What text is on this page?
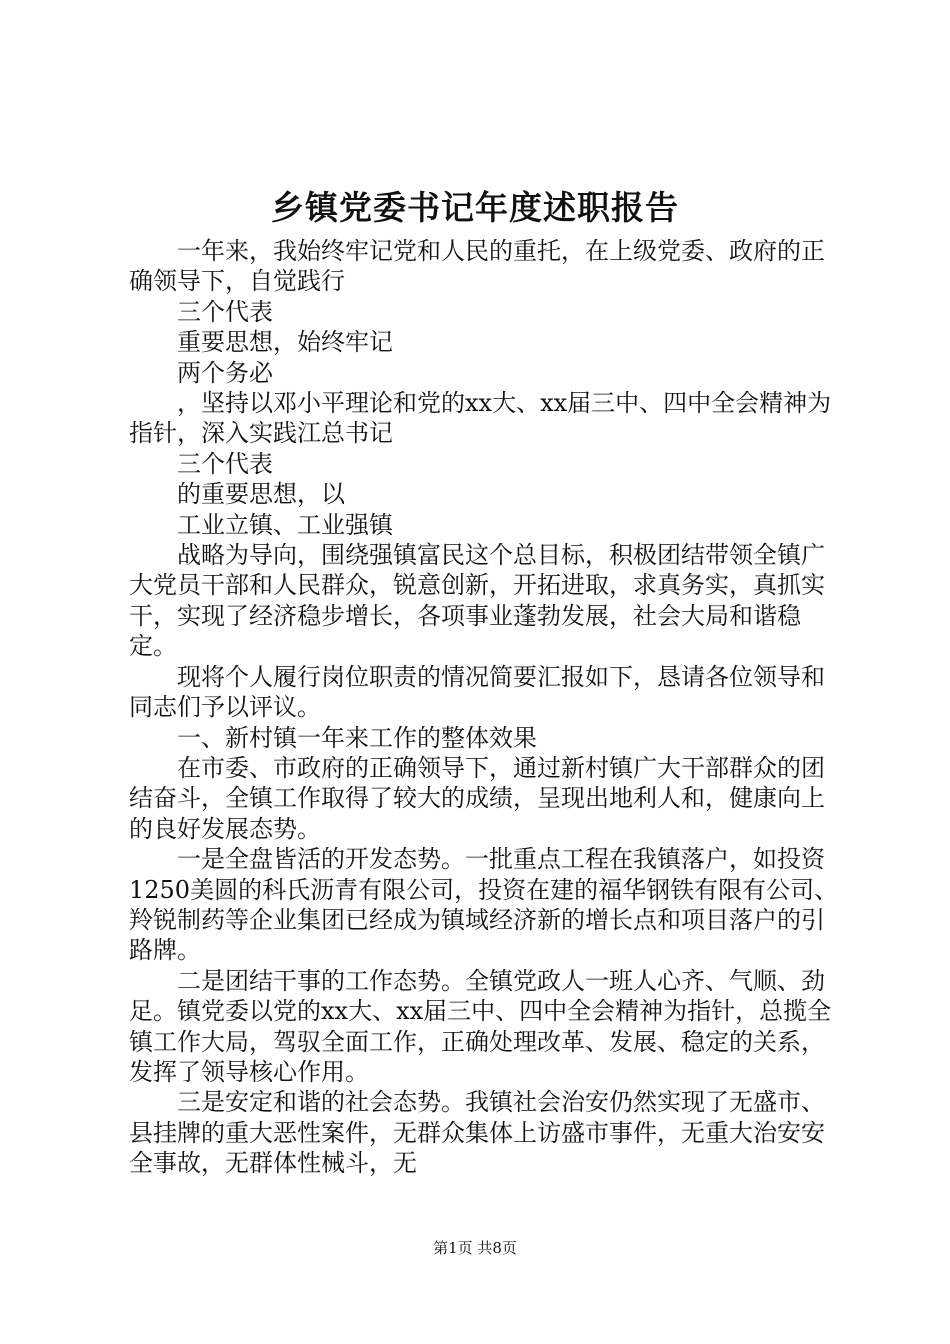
乡镇党委书记年度述职报告

一年来，我始终牢记党和人民的重托，在上级党委、政府的正确领导下，自觉践行

三个代表

重要思想，始终牢记

两个务必

，坚持以邓小平理论和党的xx大、xx届三中、四中全会精神为指针，深入实践江总书记

三个代表

的重要思想，以

工业立镇、工业强镇

战略为导向，围绕强镇富民这个总目标，积极团结带领全镇广大党员干部和人民群众，锐意创新，开拓进取，求真务实，真抓实干，实现了经济稳步增长，各项事业蓬勃发展，社会大局和谐稳定。

现将个人履行岗位职责的情况简要汇报如下，恳请各位领导和同志们予以评议。

一、新村镇一年来工作的整体效果

在市委、市政府的正确领导下，通过新村镇广大干部群众的团结奋斗，全镇工作取得了较大的成绩，呈现出地利人和，健康向上的良好发展态势。

一是全盘皆活的开发态势。一批重点工程在我镇落户，如投资1250美圆的科氏沥青有限公司，投资在建的福华钢铁有限有公司、羚锐制药等企业集团已经成为镇域经济新的增长点和项目落户的引路牌。

二是团结干事的工作态势。全镇党政人一班人心齐、气顺、劲足。镇党委以党的xx大、xx届三中、四中全会精神为指针，总揽全镇工作大局，驾驭全面工作，正确处理改革、发展、稳定的关系，发挥了领导核心作用。

三是安定和谐的社会态势。我镇社会治安仍然实现了无盛市、县挂牌的重大恶性案件，无群众集体上访盛市事件，无重大治安安全事故，无群体性械斗，无

第1页 共8页
